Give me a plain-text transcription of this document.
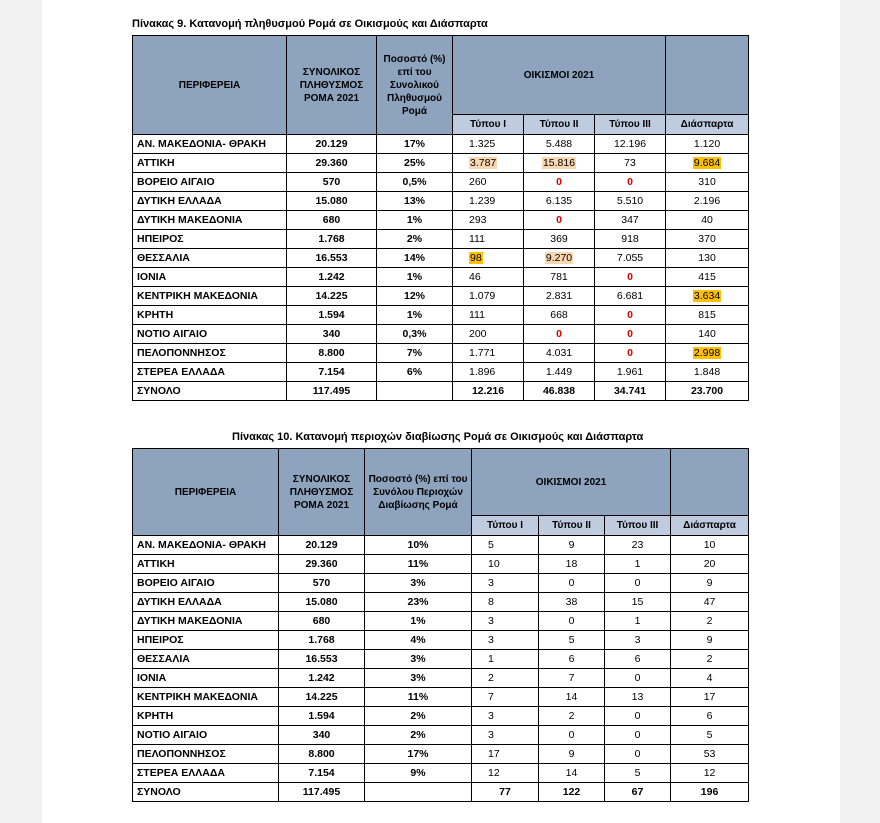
Πίνακας 9. Κατανομή πληθυσμού Ρομά σε Οικισμούς και Διάσπαρτα
ΠΕΡΙΦΕΡΕΙΑ	ΣΥΝΟΛΙΚΟΣ ΠΛΗΘΥΣΜΟΣ ΡΟΜΑ 2021	Ποσοστό (%) επί του Συνολικού Πληθυσμού Ρομά	ΟΙΚΙΣΜΟΙ 2021			
			Τύπου Ι	Τύπου ΙΙ	Τύπου ΙΙΙ	Διάσπαρτα
ΑΝ. ΜΑΚΕΔΟΝΙΑ- ΘΡΑΚΗ	20.129	17%	1.325	5.488	12.196	1.120
ΑΤΤΙΚΗ	29.360	25%	3.787	15.816	73	9.684
ΒΟΡΕΙΟ ΑΙΓΑΙΟ	570	0,5%	260	0	0	310
ΔΥΤΙΚΗ ΕΛΛΑΔΑ	15.080	13%	1.239	6.135	5.510	2.196
ΔΥΤΙΚΗ ΜΑΚΕΔΟΝΙΑ	680	1%	293	0	347	40
ΗΠΕΙΡΟΣ	1.768	2%	111	369	918	370
ΘΕΣΣΑΛΙΑ	16.553	14%	98	9.270	7.055	130
ΙΟΝΙΑ	1.242	1%	46	781	0	415
ΚΕΝΤΡΙΚΗ ΜΑΚΕΔΟΝΙΑ	14.225	12%	1.079	2.831	6.681	3.634
ΚΡΗΤΗ	1.594	1%	111	668	0	815
ΝΟΤΙΟ ΑΙΓΑΙΟ	340	0,3%	200	0	0	140
ΠΕΛΟΠΟΝΝΗΣΟΣ	8.800	7%	1.771	4.031	0	2.998
ΣΤΕΡΕΑ ΕΛΛΑΔΑ	7.154	6%	1.896	1.449	1.961	1.848
ΣΥΝΟΛΟ	117.495		12.216	46.838	34.741	23.700
Πίνακας 10. Κατανομή περιοχών διαβίωσης Ρομά σε Οικισμούς και Διάσπαρτα
ΠΕΡΙΦΕΡΕΙΑ	ΣΥΝΟΛΙΚΟΣ ΠΛΗΘΥΣΜΟΣ ΡΟΜΑ 2021	Ποσοστό (%) επί του Συνόλου Περιοχών Διαβίωσης Ρομά	ΟΙΚΙΣΜΟΙ 2021			
			Τύπου Ι	Τύπου ΙΙ	Τύπου ΙΙΙ	Διάσπαρτα
ΑΝ. ΜΑΚΕΔΟΝΙΑ- ΘΡΑΚΗ	20.129	10%	5	9	23	10
ΑΤΤΙΚΗ	29.360	11%	10	18	1	20
ΒΟΡΕΙΟ ΑΙΓΑΙΟ	570	3%	3	0	0	9
ΔΥΤΙΚΗ ΕΛΛΑΔΑ	15.080	23%	8	38	15	47
ΔΥΤΙΚΗ ΜΑΚΕΔΟΝΙΑ	680	1%	3	0	1	2
ΗΠΕΙΡΟΣ	1.768	4%	3	5	3	9
ΘΕΣΣΑΛΙΑ	16.553	3%	1	6	6	2
ΙΟΝΙΑ	1.242	3%	2	7	0	4
ΚΕΝΤΡΙΚΗ ΜΑΚΕΔΟΝΙΑ	14.225	11%	7	14	13	17
ΚΡΗΤΗ	1.594	2%	3	2	0	6
ΝΟΤΙΟ ΑΙΓΑΙΟ	340	2%	3	0	0	5
ΠΕΛΟΠΟΝΝΗΣΟΣ	8.800	17%	17	9	0	53
ΣΤΕΡΕΑ ΕΛΛΑΔΑ	7.154	9%	12	14	5	12
ΣΥΝΟΛΟ	117.495		77	122	67	196
